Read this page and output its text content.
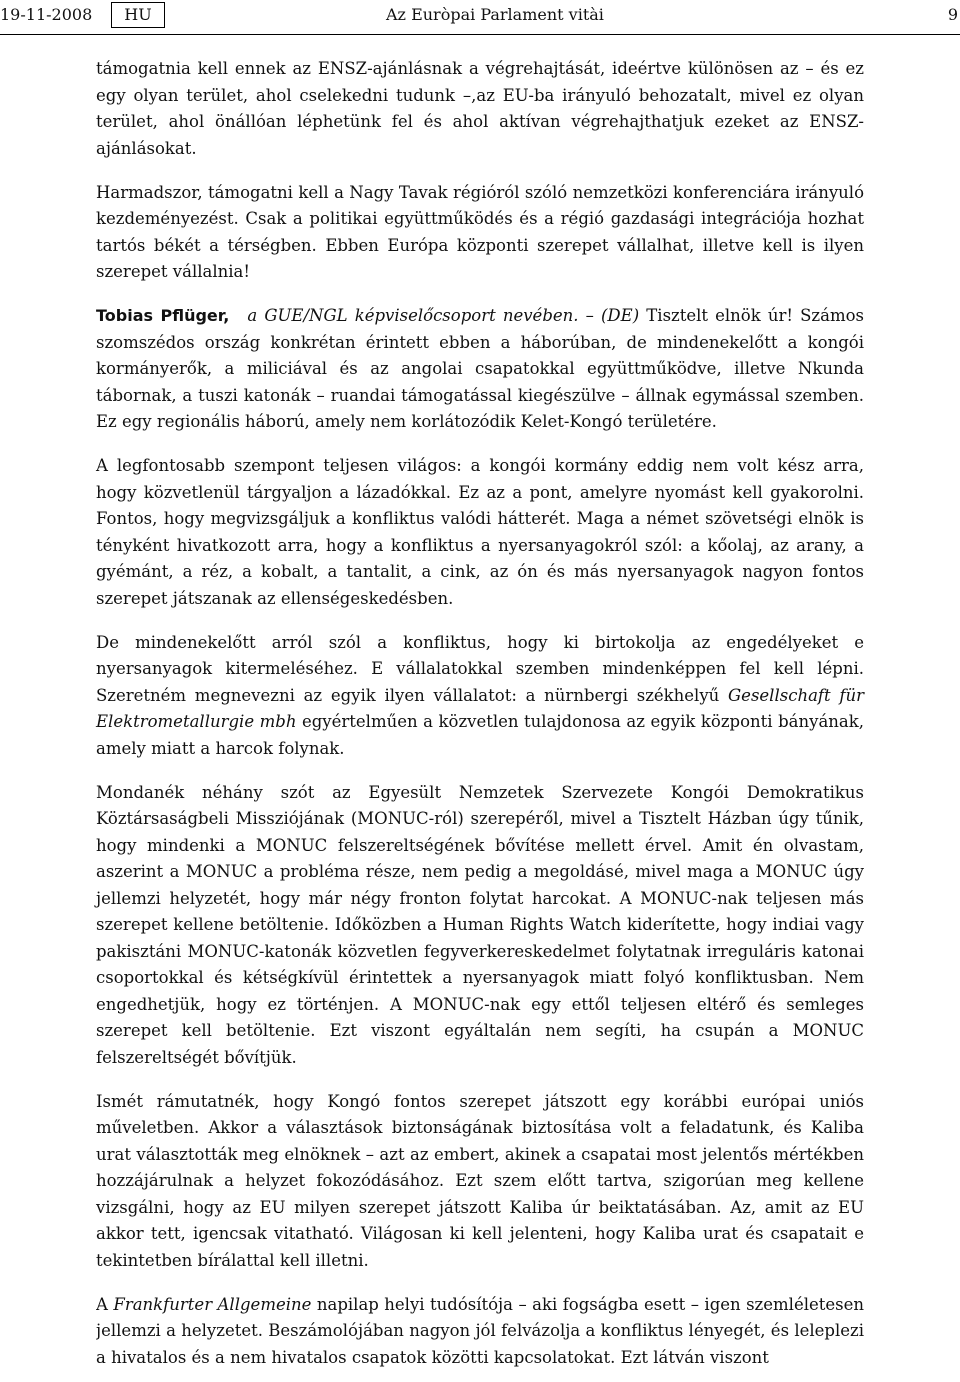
19-11-2008	HU	Az Euròpai Parlament vitài	9

támogatnia kell ennek az ENSZ-ajánlásnak a végrehajtását, ideértve különösen az – és ez egy olyan terület, ahol cselekedni tudunk –,az EU-ba irányuló behozatalt, mivel ez olyan terület, ahol önállóan léphetünk fel és ahol aktívan végrehajthatjuk ezeket az ENSZ-ajánlásokat.

Harmadszor, támogatni kell a Nagy Tavak régióról szóló nemzetközi konferenciára irányuló kezdeményezést. Csak a politikai együttműködés és a régió gazdasági integrációja hozhat tartós békét a térségben. Ebben Európa központi szerepet vállalhat, illetve kell is ilyen szerepet vállalnia!

Tobias Pflüger, a GUE/NGL képviselőcsoport nevében. – (DE) Tisztelt elnök úr! Számos szomszédos ország konkrétan érintett ebben a háborúban, de mindenekelőtt a kongói kormányerők, a miliciával és az angolai csapatokkal együttműködve, illetve Nkunda tábornak, a tuszi katonák – ruandai támogatással kiegészülve – állnak egymással szemben. Ez egy regionális háború, amely nem korlátozódik Kelet-Kongó területére.

A legfontosabb szempont teljesen világos: a kongói kormány eddig nem volt kész arra, hogy közvetlenül tárgyaljon a lázadókkal. Ez az a pont, amelyre nyomást kell gyakorolni. Fontos, hogy megvizsgáljuk a konfliktus valódi hátterét. Maga a német szövetségi elnök is tényként hivatkozott arra, hogy a konfliktus a nyersanyagokról szól: a kőolaj, az arany, a gyémánt, a réz, a kobalt, a tantalit, a cink, az ón és más nyersanyagok nagyon fontos szerepet játszanak az ellenségeskedésben.

De mindenekelőtt arról szól a konfliktus, hogy ki birtokolja az engedélyeket e nyersanyagok kitermeléséhez. E vállalatokkal szemben mindenképpen fel kell lépni. Szeretném megnevezni az egyik ilyen vállalatot: a nürnbergi székhelyű Gesellschaft für Elektrometallurgie mbh egyértelműen a közvetlen tulajdonosa az egyik központi bányának, amely miatt a harcok folynak.

Mondanék néhány szót az Egyesült Nemzetek Szervezete Kongói Demokratikus Köztársaságbeli Missziójának (MONUC-ról) szerepéről, mivel a Tisztelt Házban úgy tűnik, hogy mindenki a MONUC felszereltségének bővítése mellett érvel. Amit én olvastam, aszerint a MONUC a probléma része, nem pedig a megoldásé, mivel maga a MONUC úgy jellemzi helyzetét, hogy már négy fronton folytat harcokat. A MONUC-nak teljesen más szerepet kellene betöltenie. Időközben a Human Rights Watch kiderítette, hogy indiai vagy pakisztáni MONUC-katonák közvetlen fegyverkereskedelmet folytatnak irreguláris katonai csoportokkal és kétségkívül érintettek a nyersanyagok miatt folyó konfliktusban. Nem engedhetjük, hogy ez történjen. A MONUC-nak egy ettől teljesen eltérő és semleges szerepet kell betöltenie. Ezt viszont egyáltalán nem segíti, ha csupán a MONUC felszereltségét bővítjük.

Ismét rámutatnék, hogy Kongó fontos szerepet játszott egy korábbi európai uniós műveletben. Akkor a választások biztonságának biztosítása volt a feladatunk, és Kaliba urat választották meg elnöknek – azt az embert, akinek a csapatai most jelentős mértékben hozzájárulnak a helyzet fokozódásához. Ezt szem előtt tartva, szigorúan meg kellene vizsgálni, hogy az EU milyen szerepet játszott Kaliba úr beiktatásában. Az, amit az EU akkor tett, igencsak vitatható. Világosan ki kell jelenteni, hogy Kaliba urat és csapatait e tekintetben bírálattal kell illetni.

A Frankfurter Allgemeine napilap helyi tudósítója – aki fogságba esett – igen szemléletesen jellemzi a helyzetet. Beszámolójában nagyon jól felvázolja a konfliktus lényegét, és leleplezi a hivatalos és a nem hivatalos csapatok közötti kapcsolatokat. Ezt látván viszont
